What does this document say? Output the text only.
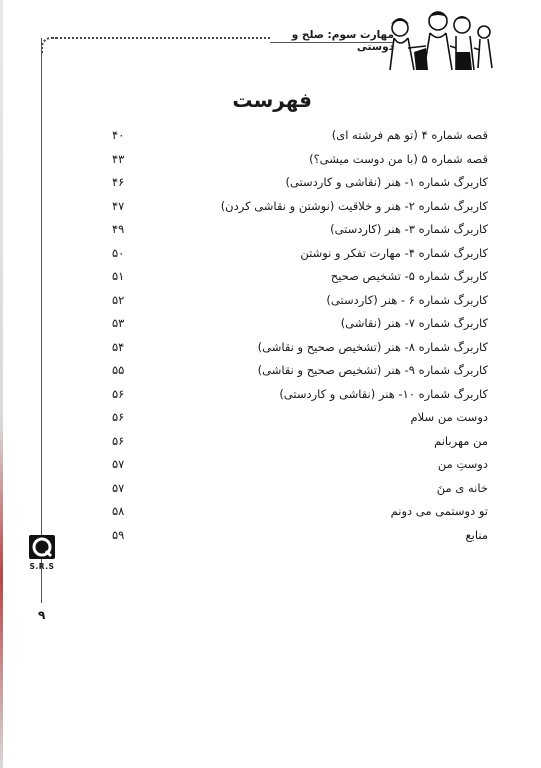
مهارت سوم: صلح و دوستی
فهرست
قصه شماره ۴ (تو هم فرشته ای)
۴۰
قصه شماره ۵ (با من دوست میشی؟)
۴۳
کاربرگ شماره ۱- هنر (نقاشی و کاردستی)
۴۶
کاربرگ شماره ۲- هنر و خلاقیت (نوشتن و نقاشی کردن)
۴۷
کاربرگ شماره ۳- هنر (کاردستی)
۴۹
کاربرگ شماره ۴- مهارت تفکر و نوشتن
۵۰
کاربرگ شماره ۵- تشخیص صحیح
۵۱
کاربرگ شماره ۶ - هنر (کاردستی)
۵۲
کاربرگ شماره ۷- هنر (نقاشی)
۵۳
کاربرگ شماره ۸- هنر (تشخیص صحیح و نقاشی)
۵۴
کاربرگ شماره ۹- هنر (تشخیص صحیح و نقاشی)
۵۵
کاربرگ شماره ۱۰- هنر (نقاشی و کاردستی)
۵۶
دوست من سلام
۵۶
من مهربانم
۵۶
دوستِ من
۵۷
خانه ی منَ
۵۷
تو دوستمی می دونم
۵۸
منابع
۵۹
S.R.S
۹
